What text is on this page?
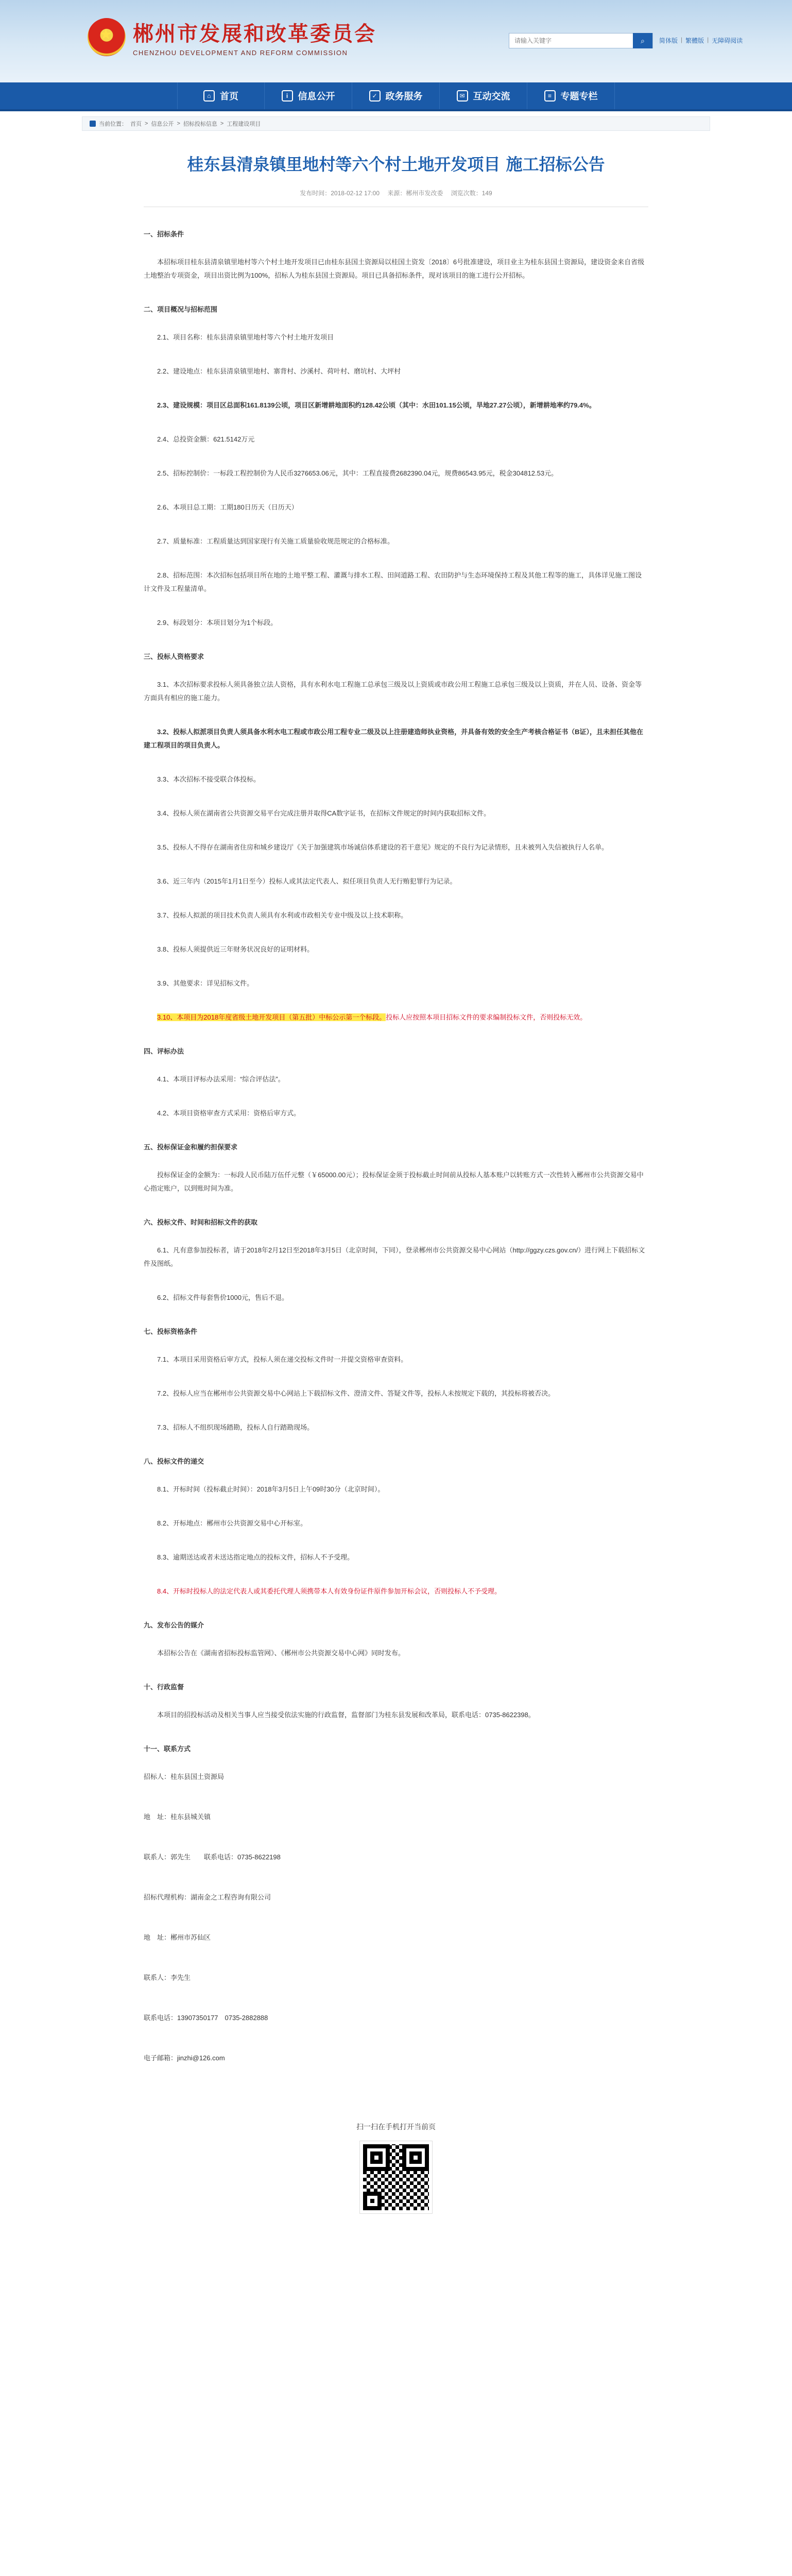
★ 郴州市发展和改革委员会
CHENZHOU DEVELOPMENT AND REFORM COMMISSION
请输入关键字
⌕ 简体版 | 繁體版 | 无障碍阅读
⌂ 首页	i	信息公开	✓ 政务服务	✉ 互动交流	≡ 专题专栏
当前位置： 首页 > 信息公开 > 招标投标信息 > 工程建设项目
桂东县清泉镇里地村等六个村土地开发项目 施工招标公告
发布时间：2018-02-12 17:00 来源：郴州市发改委 浏览次数：149
一、招标条件
本招标项目桂东县清泉镇里地村等六个村土地开发项目已由桂东县国土资源局以桂国土资发〔2018〕6号批准建设，项目业主为桂东县国土资源局，建设资金来自省级土地整治专项资金，项目出资比例为100%，招标人为桂东县国土资源局。项目已具备招标条件，现对该项目的施工进行公开招标。
二、项目概况与招标范围
2.1、项目名称：桂东县清泉镇里地村等六个村土地开发项目
2.2、建设地点：桂东县清泉镇里地村、寨背村、沙溪村、荷叶村、磨坑村、大坪村
2.3、建设规模：项目区总面积161.8139公顷，项目区新增耕地面积约128.42公顷（其中：水田101.15公顷，旱地27.27公顷），新增耕地率约79.4%。
2.4、总投资金额：621.5142万元
2.5、招标控制价：一标段工程控制价为人民币3276653.06元，其中：工程直接费2682390.04元，规费86543.95元，税金304812.53元。
2.6、本项目总工期：工期180日历天（日历天）
2.7、质量标准：工程质量达到国家现行有关施工质量验收规范规定的合格标准。
2.8、招标范围：本次招标包括项目所在地的土地平整工程、灌溉与排水工程、田间道路工程、农田防护与生态环境保持工程及其他工程等的施工，具体详见施工图设计文件及工程量清单。
2.9、标段划分：本项目划分为1个标段。
三、投标人资格要求
3.1、本次招标要求投标人须具备独立法人资格，具有水利水电工程施工总承包三级及以上资质或市政公用工程施工总承包三级及以上资质，并在人员、设备、资金等方面具有相应的施工能力。
3.2、投标人拟派项目负责人须具备水利水电工程或市政公用工程专业二级及以上注册建造师执业资格，并具备有效的安全生产考核合格证书（B证），且未担任其他在建工程项目的项目负责人。
3.3、本次招标不接受联合体投标。
3.4、投标人须在湖南省公共资源交易平台完成注册并取得CA数字证书，在招标文件规定的时间内获取招标文件。
3.5、投标人不得存在湖南省住房和城乡建设厅《关于加强建筑市场诚信体系建设的若干意见》规定的不良行为记录情形，且未被列入失信被执行人名单。
3.6、近三年内（2015年1月1日至今）投标人或其法定代表人、拟任项目负责人无行贿犯罪行为记录。
3.7、投标人拟派的项目技术负责人须具有水利或市政相关专业中级及以上技术职称。
3.8、投标人须提供近三年财务状况良好的证明材料。
3.9、其他要求：详见招标文件。
3.10、本项目为2018年度省级土地开发项目（第五批）中标公示第一个标段。投标人应按照本项目招标文件的要求编制投标文件，否则投标无效。
四、评标办法
4.1、本项目评标办法采用：“综合评估法”。
4.2、本项目资格审查方式采用：资格后审方式。
五、投标保证金和履约担保要求
投标保证金的金额为：一标段人民币陆万伍仟元整（￥65000.00元）；投标保证金须于投标截止时间前从投标人基本账户以转账方式一次性转入郴州市公共资源交易中心指定账户，以到账时间为准。
六、投标文件、时间和招标文件的获取
6.1、凡有意参加投标者，请于2018年2月12日至2018年3月5日（北京时间，下同），登录郴州市公共资源交易中心网站（http://ggzy.czs.gov.cn/）进行网上下载招标文件及图纸。
6.2、招标文件每套售价1000元，售后不退。
七、投标资格条件
7.1、本项目采用资格后审方式，投标人须在递交投标文件时一并提交资格审查资料。
7.2、投标人应当在郴州市公共资源交易中心网站上下载招标文件、澄清文件、答疑文件等，投标人未按规定下载的，其投标将被否决。
7.3、招标人不组织现场踏勘，投标人自行踏勘现场。
八、投标文件的递交
8.1、开标时间（投标截止时间）：2018年3月5日上午09时30分（北京时间）。
8.2、开标地点：郴州市公共资源交易中心开标室。
8.3、逾期送达或者未送达指定地点的投标文件，招标人不予受理。
8.4、开标时投标人的法定代表人或其委托代理人须携带本人有效身份证件原件参加开标会议，否则投标人不予受理。
九、发布公告的媒介
本招标公告在《湖南省招标投标监管网》、《郴州市公共资源交易中心网》同时发布。
十、行政监督
本项目的招投标活动及相关当事人应当接受依法实施的行政监督，监督部门为桂东县发展和改革局，联系电话：0735-8622398。
十一、联系方式
招标人：桂东县国土资源局
地　址：桂东县城关镇
联系人：郭先生　　联系电话：0735-8622198
招标代理机构：湖南金之工程咨询有限公司
地　址：郴州市苏仙区
联系人：李先生
联系电话：13907350177　0735-2882888
电子邮箱：jinzhi@126.com
扫一扫在手机打开当前页
